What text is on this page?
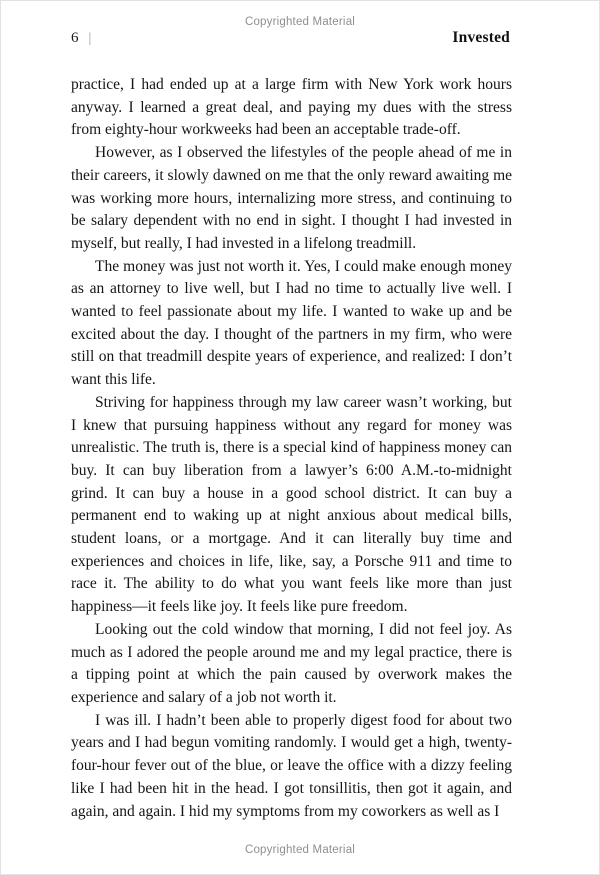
Copyrighted Material
6 |	Invested

practice, I had ended up at a large firm with New York work hours anyway. I learned a great deal, and paying my dues with the stress from eighty-hour workweeks had been an acceptable trade-off.

However, as I observed the lifestyles of the people ahead of me in their careers, it slowly dawned on me that the only reward awaiting me was working more hours, internalizing more stress, and continuing to be salary dependent with no end in sight. I thought I had invested in myself, but really, I had invested in a lifelong treadmill.

The money was just not worth it. Yes, I could make enough money as an attorney to live well, but I had no time to actually live well. I wanted to feel passionate about my life. I wanted to wake up and be excited about the day. I thought of the partners in my firm, who were still on that treadmill despite years of experience, and realized: I don’t want this life.

Striving for happiness through my law career wasn’t working, but I knew that pursuing happiness without any regard for money was unrealistic. The truth is, there is a special kind of happiness money can buy. It can buy liberation from a lawyer’s 6:00 A.M.-to-midnight grind. It can buy a house in a good school district. It can buy a permanent end to waking up at night anxious about medical bills, student loans, or a mortgage. And it can literally buy time and experiences and choices in life, like, say, a Porsche 911 and time to race it. The ability to do what you want feels like more than just happiness—it feels like joy. It feels like pure freedom.

Looking out the cold window that morning, I did not feel joy. As much as I adored the people around me and my legal practice, there is a tipping point at which the pain caused by overwork makes the experience and salary of a job not worth it.

I was ill. I hadn’t been able to properly digest food for about two years and I had begun vomiting randomly. I would get a high, twenty-four-hour fever out of the blue, or leave the office with a dizzy feeling like I had been hit in the head. I got tonsillitis, then got it again, and again, and again. I hid my symptoms from my coworkers as well as I

Copyrighted Material
